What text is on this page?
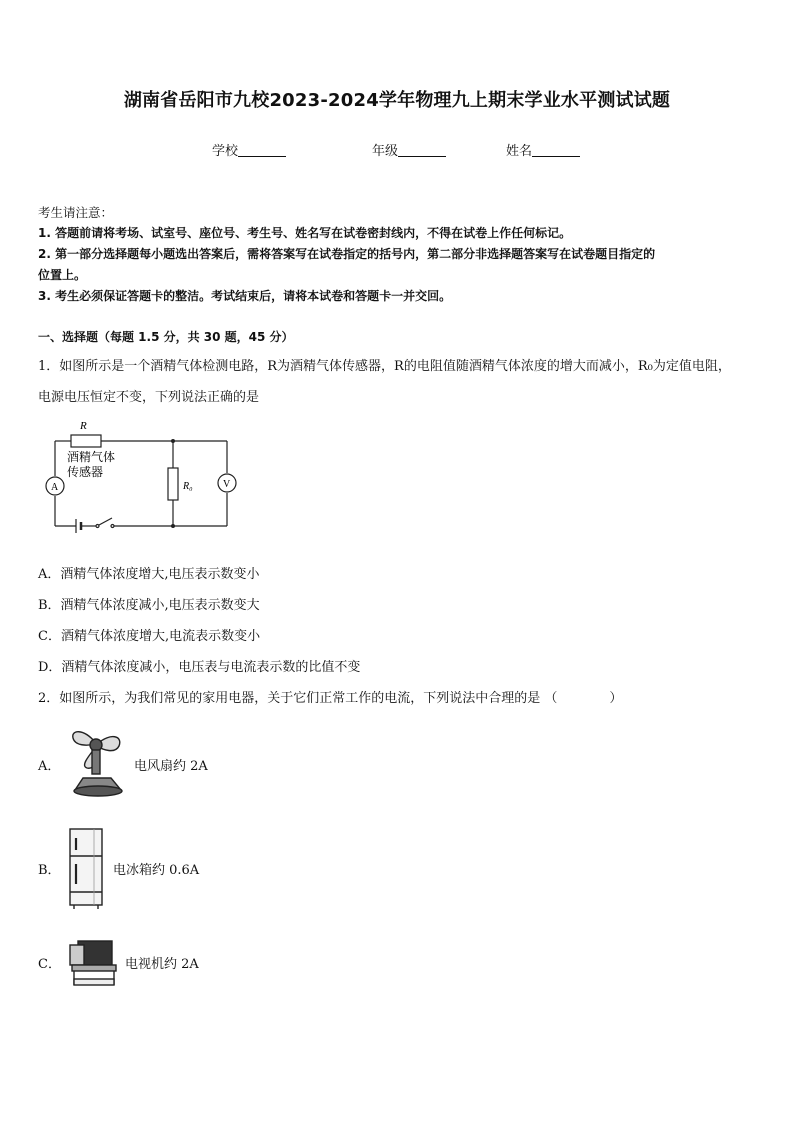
湖南省岳阳市九校2023-2024学年物理九上期末学业水平测试试题
学校	年级	姓名
考生请注意：
1. 答题前请将考场、试室号、座位号、考生号、姓名写在试卷密封线内，不得在试卷上作任何标记。
2. 第一部分选择题每小题选出答案后，需将答案写在试卷指定的括号内，第二部分非选择题答案写在试卷题目指定的
位置上。
3. 考生必须保证答题卡的整洁。考试结束后，请将本试卷和答题卡一并交回。
一、选择题（每题 1.5 分，共 30 题，45 分）
1．如图所示是一个酒精气体检测电路，R为酒精气体传感器，R的电阻值随酒精气体浓度的增大而减小，R₀为定值电阻，
电源电压恒定不变，下列说法正确的是
R
酒精气体
传感器
A	V
R₀
A．酒精气体浓度增大,电压表示数变小
B．酒精气体浓度减小,电压表示数变大
C．酒精气体浓度增大,电流表示数变小
D．酒精气体浓度减小，电压表与电流表示数的比值不变
2．如图所示，为我们常见的家用电器，关于它们正常工作的电流，下列说法中合理的是 （　　　　）
A．	电风扇约 2A
B．	电冰箱约 0.6A
C．	电视机约 2A
